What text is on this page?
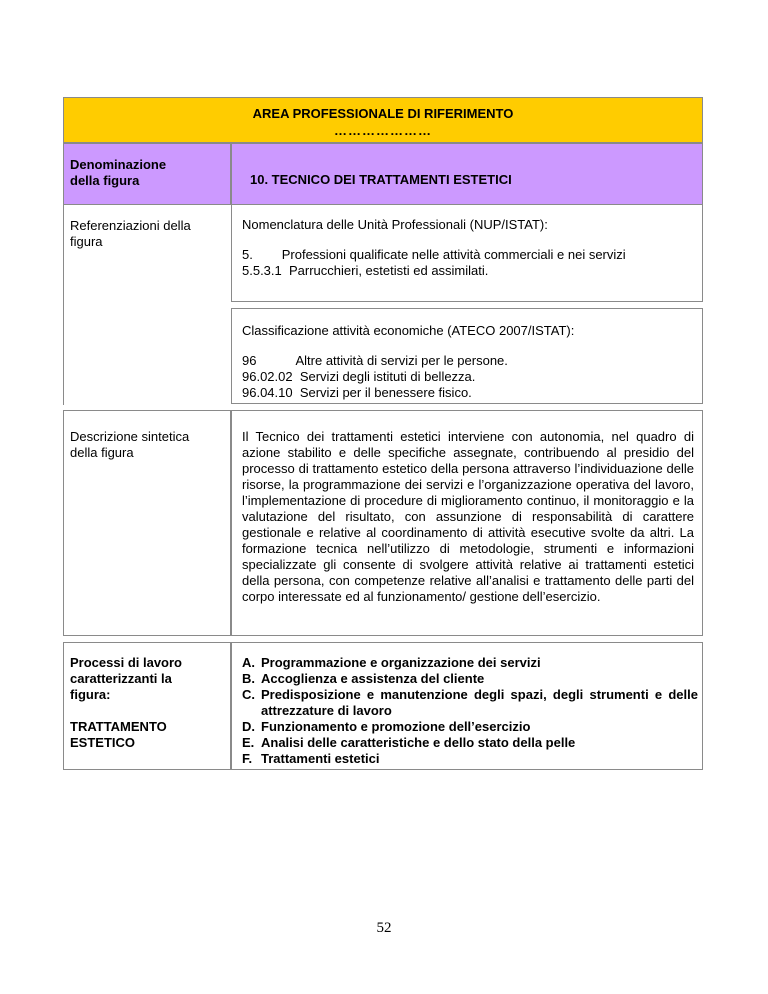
AREA PROFESSIONALE DI RIFERIMENTO
…………………
Denominazione
della figura	10. TECNICO DEI TRATTAMENTI ESTETICI
Referenziazioni della
figura
Nomenclatura delle Unità Professionali (NUP/ISTAT):
5.        Professioni qualificate nelle attività commerciali e nei servizi
5.5.3.1  Parrucchieri, estetisti ed assimilati.
Classificazione attività economiche (ATECO 2007/ISTAT):
96           Altre attività di servizi per le persone.
96.02.02  Servizi degli istituti di bellezza.
96.04.10  Servizi per il benessere fisico.
Descrizione sintetica
della figura
Il Tecnico dei trattamenti estetici interviene con autonomia, nel quadro di azione stabilito e delle specifiche assegnate, contribuendo al presidio del processo di trattamento estetico della persona attraverso l’individuazione delle risorse, la programmazione dei servizi e l’organizzazione operativa del lavoro, l’implementazione di procedure di miglioramento continuo, il monitoraggio e la valutazione del risultato, con assunzione di responsabilità di carattere gestionale e relative al coordinamento di attività esecutive svolte da altri. La formazione tecnica nell’utilizzo di metodologie, strumenti e informazioni specializzate gli consente di svolgere attività relative ai trattamenti estetici della persona, con competenze relative all’analisi e trattamento delle parti del corpo interessate ed al funzionamento/ gestione dell’esercizio.
Processi di lavoro
caratterizzanti la
figura:
TRATTAMENTO
ESTETICO
A. Programmazione e organizzazione dei servizi
B. Accoglienza e assistenza del cliente
C. Predisposizione e manutenzione degli spazi, degli strumenti e delle attrezzature di lavoro
D. Funzionamento e promozione dell’esercizio
E. Analisi delle caratteristiche e dello stato della pelle
F. Trattamenti estetici
52
